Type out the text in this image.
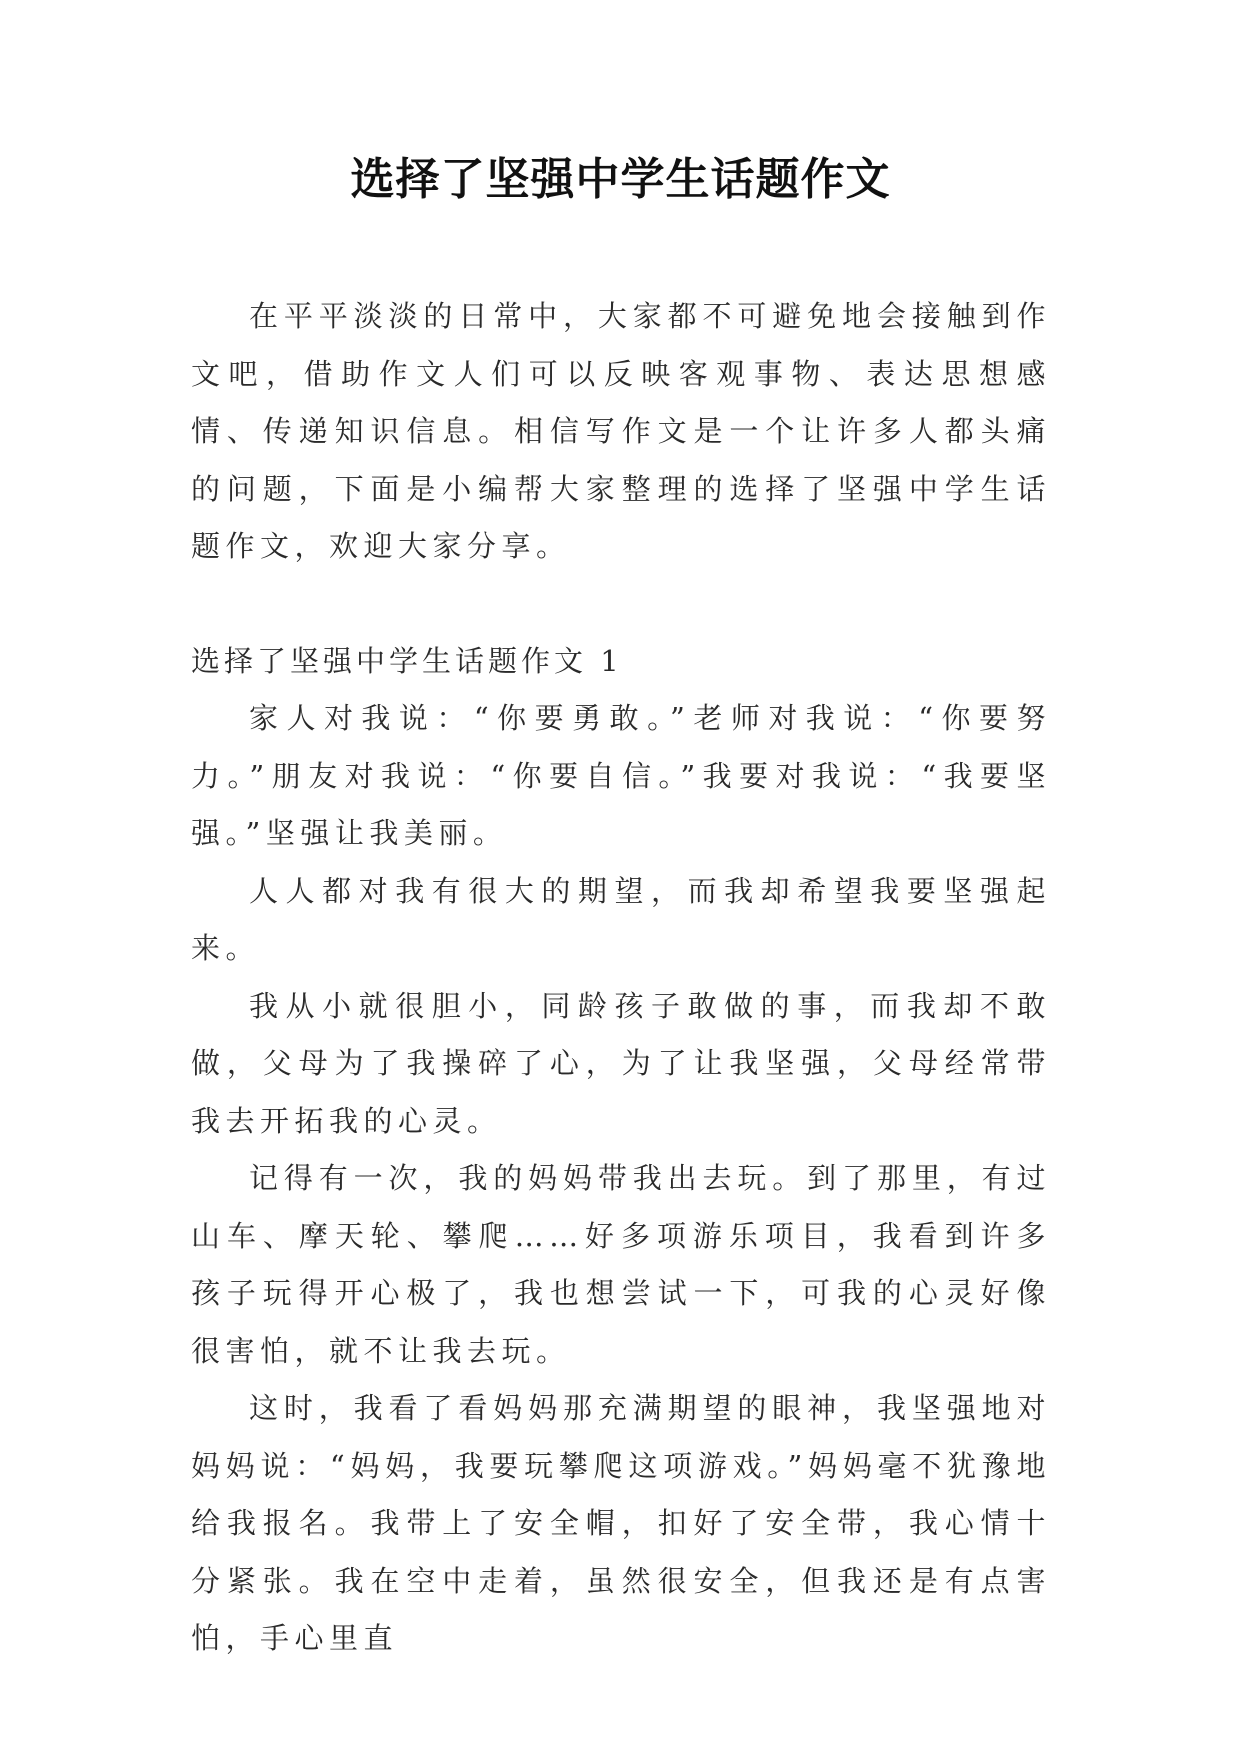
选择了坚强中学生话题作文

在平平淡淡的日常中，大家都不可避免地会接触到作文吧，借助作文人们可以反映客观事物、表达思想感情、传递知识信息。相信写作文是一个让许多人都头痛的问题，下面是小编帮大家整理的选择了坚强中学生话题作文，欢迎大家分享。

选择了坚强中学生话题作文 1

家人对我说：“你要勇敢。”老师对我说：“你要努力。”朋友对我说：“你要自信。”我要对我说：“我要坚强。”坚强让我美丽。

人人都对我有很大的期望，而我却希望我要坚强起来。

我从小就很胆小，同龄孩子敢做的事，而我却不敢做，父母为了我操碎了心，为了让我坚强，父母经常带我去开拓我的心灵。

记得有一次，我的妈妈带我出去玩。到了那里，有过山车、摩天轮、攀爬……好多项游乐项目，我看到许多孩子玩得开心极了，我也想尝试一下，可我的心灵好像很害怕，就不让我去玩。

这时，我看了看妈妈那充满期望的眼神，我坚强地对妈妈说：“妈妈，我要玩攀爬这项游戏。”妈妈毫不犹豫地给我报名。我带上了安全帽，扣好了安全带，我心情十分紧张。我在空中走着，虽然很安全，但我还是有点害怕，手心里直
